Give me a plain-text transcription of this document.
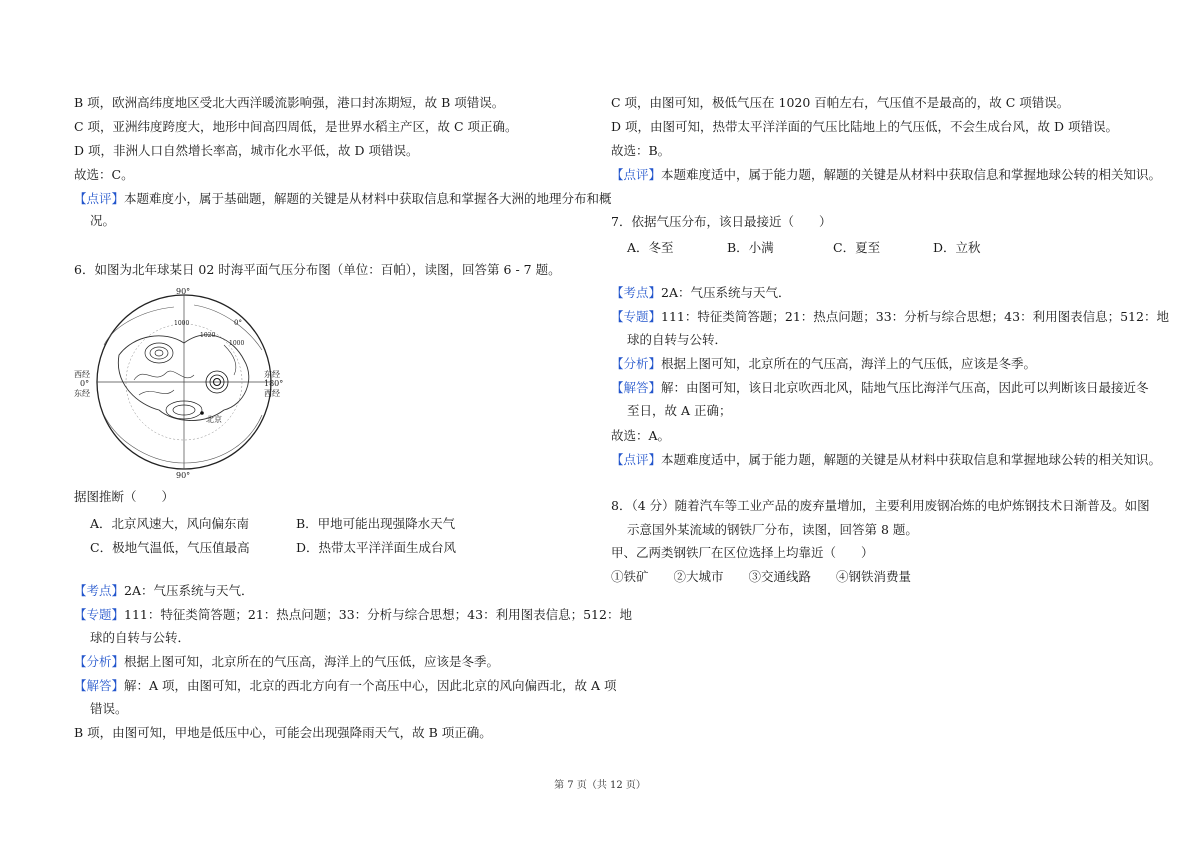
B 项，欧洲高纬度地区受北大西洋暖流影响强，港口封冻期短，故 B 项错误。
C 项，亚洲纬度跨度大，地形中间高四周低，是世界水稻主产区，故 C 项正确。
D 项，非洲人口自然增长率高，城市化水平低，故 D 项错误。
故选：C。
【点评】本题难度小，属于基础题，解题的关键是从材料中获取信息和掌握各大洲的地理分布和概
况。
6．如图为北年球某日 02 时海平面气压分布图（单位：百帕），读图，回答第 6 - 7 题。
据图推断（　　）
A．北京风速大，风向偏东南	B．甲地可能出现强降水天气
C．极地气温低，气压值最高	D．热带太平洋洋面生成台风
【考点】2A：气压系统与天气．
【专题】111：特征类简答题；21：热点问题；33：分析与综合思想；43：利用图表信息；512：地
球的自转与公转．
【分析】根据上图可知，北京所在的气压高，海洋上的气压低，应该是冬季。
【解答】解：A 项，由图可知，北京的西北方向有一个高压中心，因此北京的风向偏西北，故 A 项
错误。
B 项，由图可知，甲地是低压中心，可能会出现强降雨天气，故 B 项正确。
90°
90°
西经
0°
东经
东经
180°
西经
北京
1000
1020
1000
0°
C 项，由图可知，极低气压在 1020 百帕左右，气压值不是最高的，故 C 项错误。
D 项，由图可知，热带太平洋洋面的气压比陆地上的气压低，不会生成台风，故 D 项错误。
故选：B。
【点评】本题难度适中，属于能力题，解题的关键是从材料中获取信息和掌握地球公转的相关知识。
7．依据气压分布，该日最接近（　　）
A．冬至	B．小满	C．夏至	D．立秋
【考点】2A：气压系统与天气．
【专题】111：特征类简答题；21：热点问题；33：分析与综合思想；43：利用图表信息；512：地
球的自转与公转．
【分析】根据上图可知，北京所在的气压高，海洋上的气压低，应该是冬季。
【解答】解：由图可知，该日北京吹西北风，陆地气压比海洋气压高，因此可以判断该日最接近冬
至日，故 A 正确；
故选：A。
【点评】本题难度适中，属于能力题，解题的关键是从材料中获取信息和掌握地球公转的相关知识。
8．（4 分）随着汽车等工业产品的废弃量增加，主要利用废钢冶炼的电炉炼钢技术日渐普及。如图
示意国外某流域的钢铁厂分布，读图，回答第 8 题。
甲、乙两类钢铁厂在区位选择上均靠近（　　）
①铁矿　　②大城市　　③交通线路　　④钢铁消费量
第 7 页（共 12 页）
